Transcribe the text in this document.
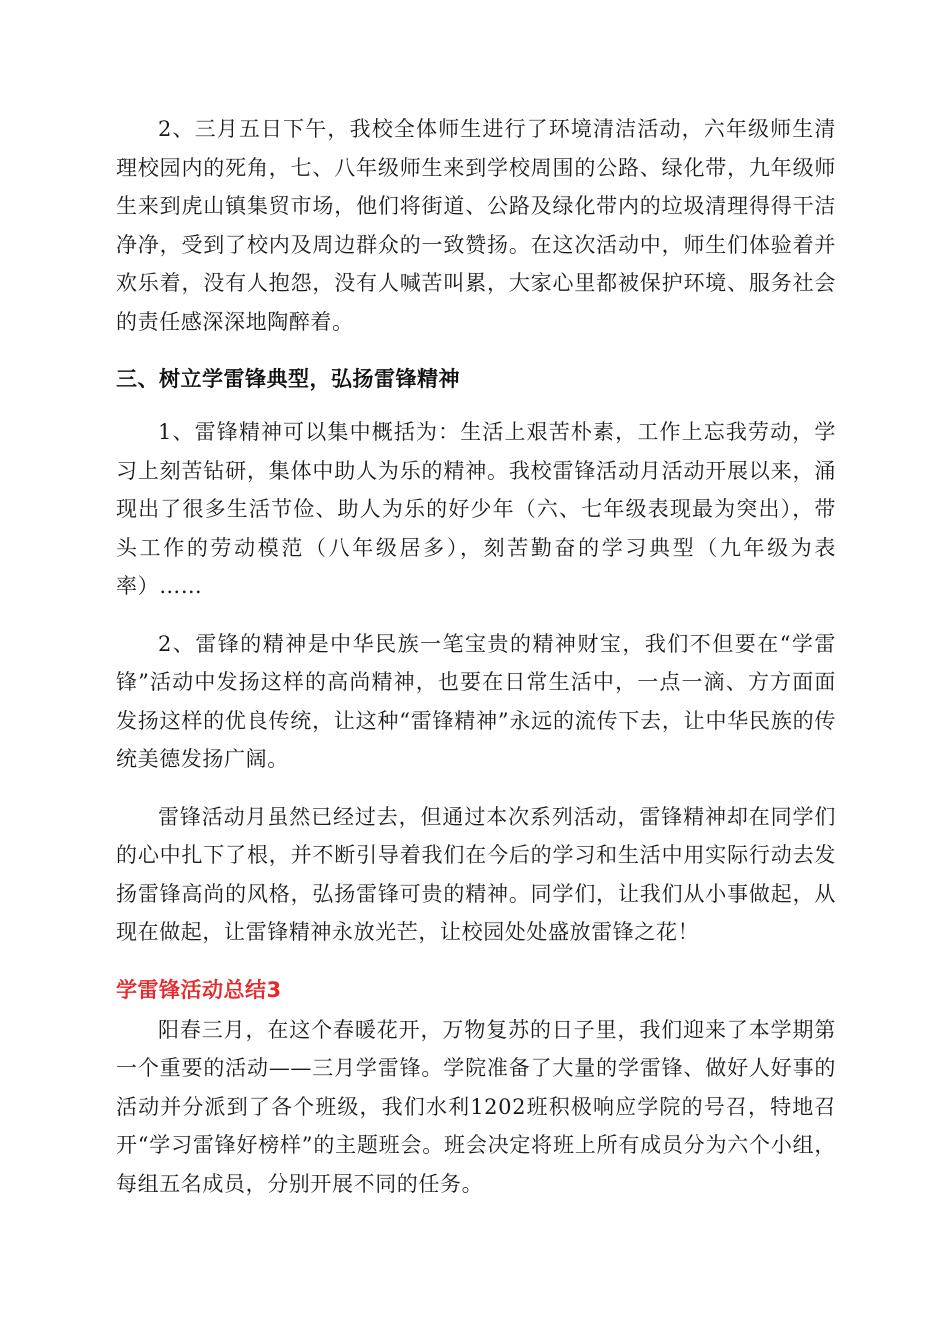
2、三月五日下午，我校全体师生进行了环境清洁活动，六年级师生清理校园内的死角，七、八年级师生来到学校周围的公路、绿化带，九年级师生来到虎山镇集贸市场，他们将街道、公路及绿化带内的垃圾清理得得干洁净净，受到了校内及周边群众的一致赞扬。在这次活动中，师生们体验着并欢乐着，没有人抱怨，没有人喊苦叫累，大家心里都被保护环境、服务社会的责任感深深地陶醉着。

三、树立学雷锋典型，弘扬雷锋精神

1、雷锋精神可以集中概括为：生活上艰苦朴素，工作上忘我劳动，学习上刻苦钻研，集体中助人为乐的精神。我校雷锋活动月活动开展以来，涌现出了很多生活节俭、助人为乐的好少年（六、七年级表现最为突出），带头工作的劳动模范（八年级居多），刻苦勤奋的学习典型（九年级为表率）……

2、雷锋的精神是中华民族一笔宝贵的精神财宝，我们不但要在“学雷锋”活动中发扬这样的高尚精神，也要在日常生活中，一点一滴、方方面面发扬这样的优良传统，让这种“雷锋精神”永远的流传下去，让中华民族的传统美德发扬广阔。

雷锋活动月虽然已经过去，但通过本次系列活动，雷锋精神却在同学们的心中扎下了根，并不断引导着我们在今后的学习和生活中用实际行动去发扬雷锋高尚的风格，弘扬雷锋可贵的精神。同学们，让我们从小事做起，从现在做起，让雷锋精神永放光芒，让校园处处盛放雷锋之花！

学雷锋活动总结3

阳春三月，在这个春暖花开，万物复苏的日子里，我们迎来了本学期第一个重要的活动——三月学雷锋。学院准备了大量的学雷锋、做好人好事的活动并分派到了各个班级，我们水利1202班积极响应学院的号召，特地召开“学习雷锋好榜样”的主题班会。班会决定将班上所有成员分为六个小组，每组五名成员，分别开展不同的任务。
